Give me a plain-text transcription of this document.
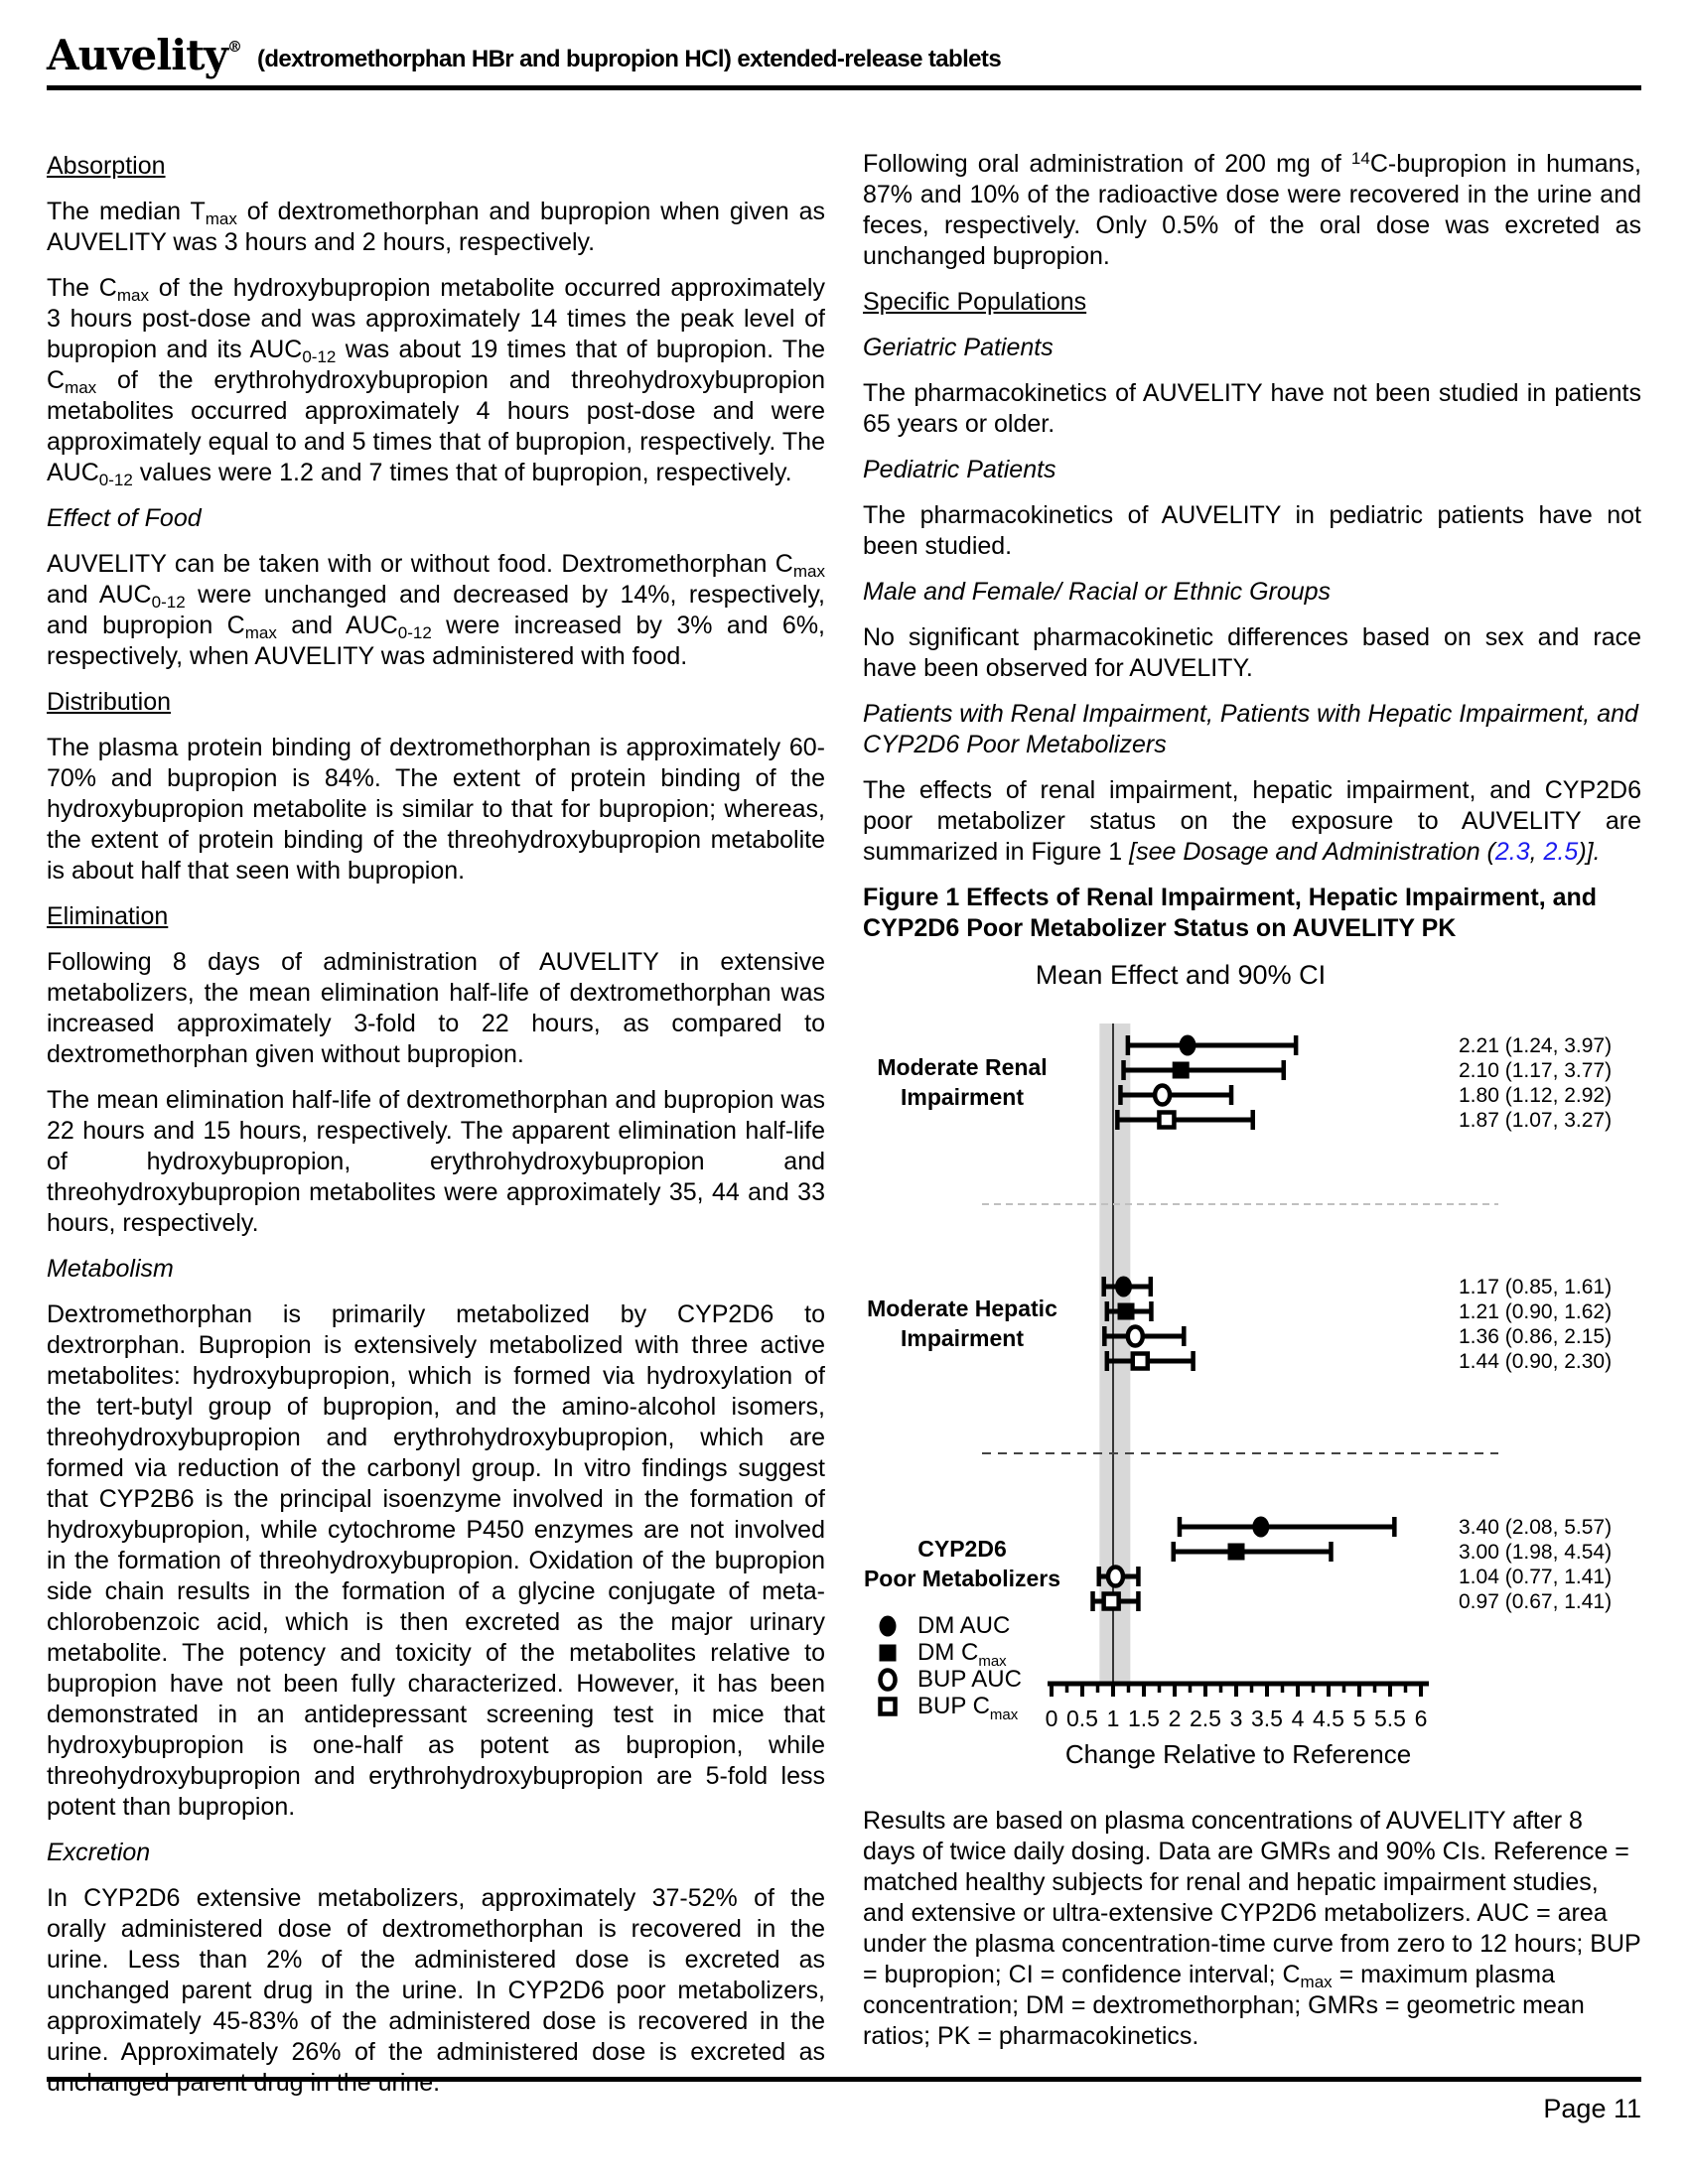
Auvelity® (dextromethorphan HBr and bupropion HCl) extended-release tablets
Absorption

The median $T_{max}$ of dextromethorphan and bupropion when given as AUVELITY was 3 hours and 2 hours, respectively.

The $C_{max}$ of the hydroxybupropion metabolite occurred approximately 3 hours post-dose and was approximately 14 times the peak level of bupropion and its $AUC_{0-12}$ was about 19 times that of bupropion. The $C_{max}$ of the erythrohydroxybupropion and threohydroxybupropion metabolites occurred approximately 4 hours post-dose and were approximately equal to and 5 times that of bupropion, respectively. The $AUC_{0-12}$ values were 1.2 and 7 times that of bupropion, respectively.

Effect of Food

AUVELITY can be taken with or without food. Dextromethorphan $C_{max}$ and $AUC_{0-12}$ were unchanged and decreased by 14%, respectively, and bupropion $C_{max}$ and $AUC_{0-12}$ were increased by 3% and 6%, respectively, when AUVELITY was administered with food.

Distribution

The plasma protein binding of dextromethorphan is approximately 60-70% and bupropion is 84%. The extent of protein binding of the hydroxybupropion metabolite is similar to that for bupropion; whereas, the extent of protein binding of the threohydroxybupropion metabolite is about half that seen with bupropion.

Elimination

Following 8 days of administration of AUVELITY in extensive metabolizers, the mean elimination half-life of dextromethorphan was increased approximately 3-fold to 22 hours, as compared to dextromethorphan given without bupropion.

The mean elimination half-life of dextromethorphan and bupropion was 22 hours and 15 hours, respectively. The apparent elimination half-life of hydroxybupropion, erythrohydroxybupropion and threohydroxybupropion metabolites were approximately 35, 44 and 33 hours, respectively.

Metabolism

Dextromethorphan is primarily metabolized by CYP2D6 to dextrorphan. Bupropion is extensively metabolized with three active metabolites: hydroxybupropion, which is formed via hydroxylation of the tert-butyl group of bupropion, and the amino-alcohol isomers, threohydroxybupropion and erythrohydroxybupropion, which are formed via reduction of the carbonyl group. In vitro findings suggest that CYP2B6 is the principal isoenzyme involved in the formation of hydroxybupropion, while cytochrome P450 enzymes are not involved in the formation of threohydroxybupropion. Oxidation of the bupropion side chain results in the formation of a glycine conjugate of meta-chlorobenzoic acid, which is then excreted as the major urinary metabolite. The potency and toxicity of the metabolites relative to bupropion have not been fully characterized. However, it has been demonstrated in an antidepressant screening test in mice that hydroxybupropion is one-half as potent as bupropion, while threohydroxybupropion and erythrohydroxybupropion are 5-fold less potent than bupropion.

Excretion

In CYP2D6 extensive metabolizers, approximately 37-52% of the orally administered dose of dextromethorphan is recovered in the urine. Less than 2% of the administered dose is excreted as unchanged parent drug in the urine. In CYP2D6 poor metabolizers, approximately 45-83% of the administered dose is recovered in the urine. Approximately 26% of the administered dose is excreted as unchanged parent drug in the urine.

Following oral administration of 200 mg of $^{14}$C-bupropion in humans, 87% and 10% of the radioactive dose were recovered in the urine and feces, respectively. Only 0.5% of the oral dose was excreted as unchanged bupropion.

Specific Populations
Geriatric Patients

The pharmacokinetics of AUVELITY have not been studied in patients 65 years or older.

Pediatric Patients

The pharmacokinetics of AUVELITY in pediatric patients have not been studied.

Male and Female/ Racial or Ethnic Groups

No significant pharmacokinetic differences based on sex and race have been observed for AUVELITY.

Patients with Renal Impairment, Patients with Hepatic Impairment, and CYP2D6 Poor Metabolizers

The effects of renal impairment, hepatic impairment, and CYP2D6 poor metabolizer status on the exposure to AUVELITY are summarized in Figure 1 [see Dosage and Administration (2.3, 2.5)].

Figure 1 Effects of Renal Impairment, Hepatic Impairment, and CYP2D6 Poor Metabolizer Status on AUVELITY PK
Mean Effect and 90% CI
Moderate Renal
Impairment
2.21 (1.24, 3.97)
2.10 (1.17, 3.77)
1.80 (1.12, 2.92)
1.87 (1.07, 3.27)
Moderate Hepatic
Impairment
1.17 (0.85, 1.61)
1.21 (0.90, 1.62)
1.36 (0.86, 2.15)
1.44 (0.90, 2.30)
CYP2D6
Poor Metabolizers
3.40 (2.08, 5.57)
3.00 (1.98, 4.54)
1.04 (0.77, 1.41)
0.97 (0.67, 1.41)
0 0.5 1 1.5 2 2.5 3 3.5 4 4.5 5 5.5 6
Change Relative to Reference
DM AUC
DM $C_{max}$
BUP AUC
BUP $C_{max}$

Results are based on plasma concentrations of AUVELITY after 8 days of twice daily dosing. Data are GMRs and 90% CIs. Reference = matched healthy subjects for renal and hepatic impairment studies, and extensive or ultra-extensive CYP2D6 metabolizers. AUC = area under the plasma concentration-time curve from zero to 12 hours; BUP = bupropion; CI = confidence interval; $C_{max}$ = maximum plasma concentration; DM = dextromethorphan; GMRs = geometric mean ratios; PK = pharmacokinetics.

Page 11
